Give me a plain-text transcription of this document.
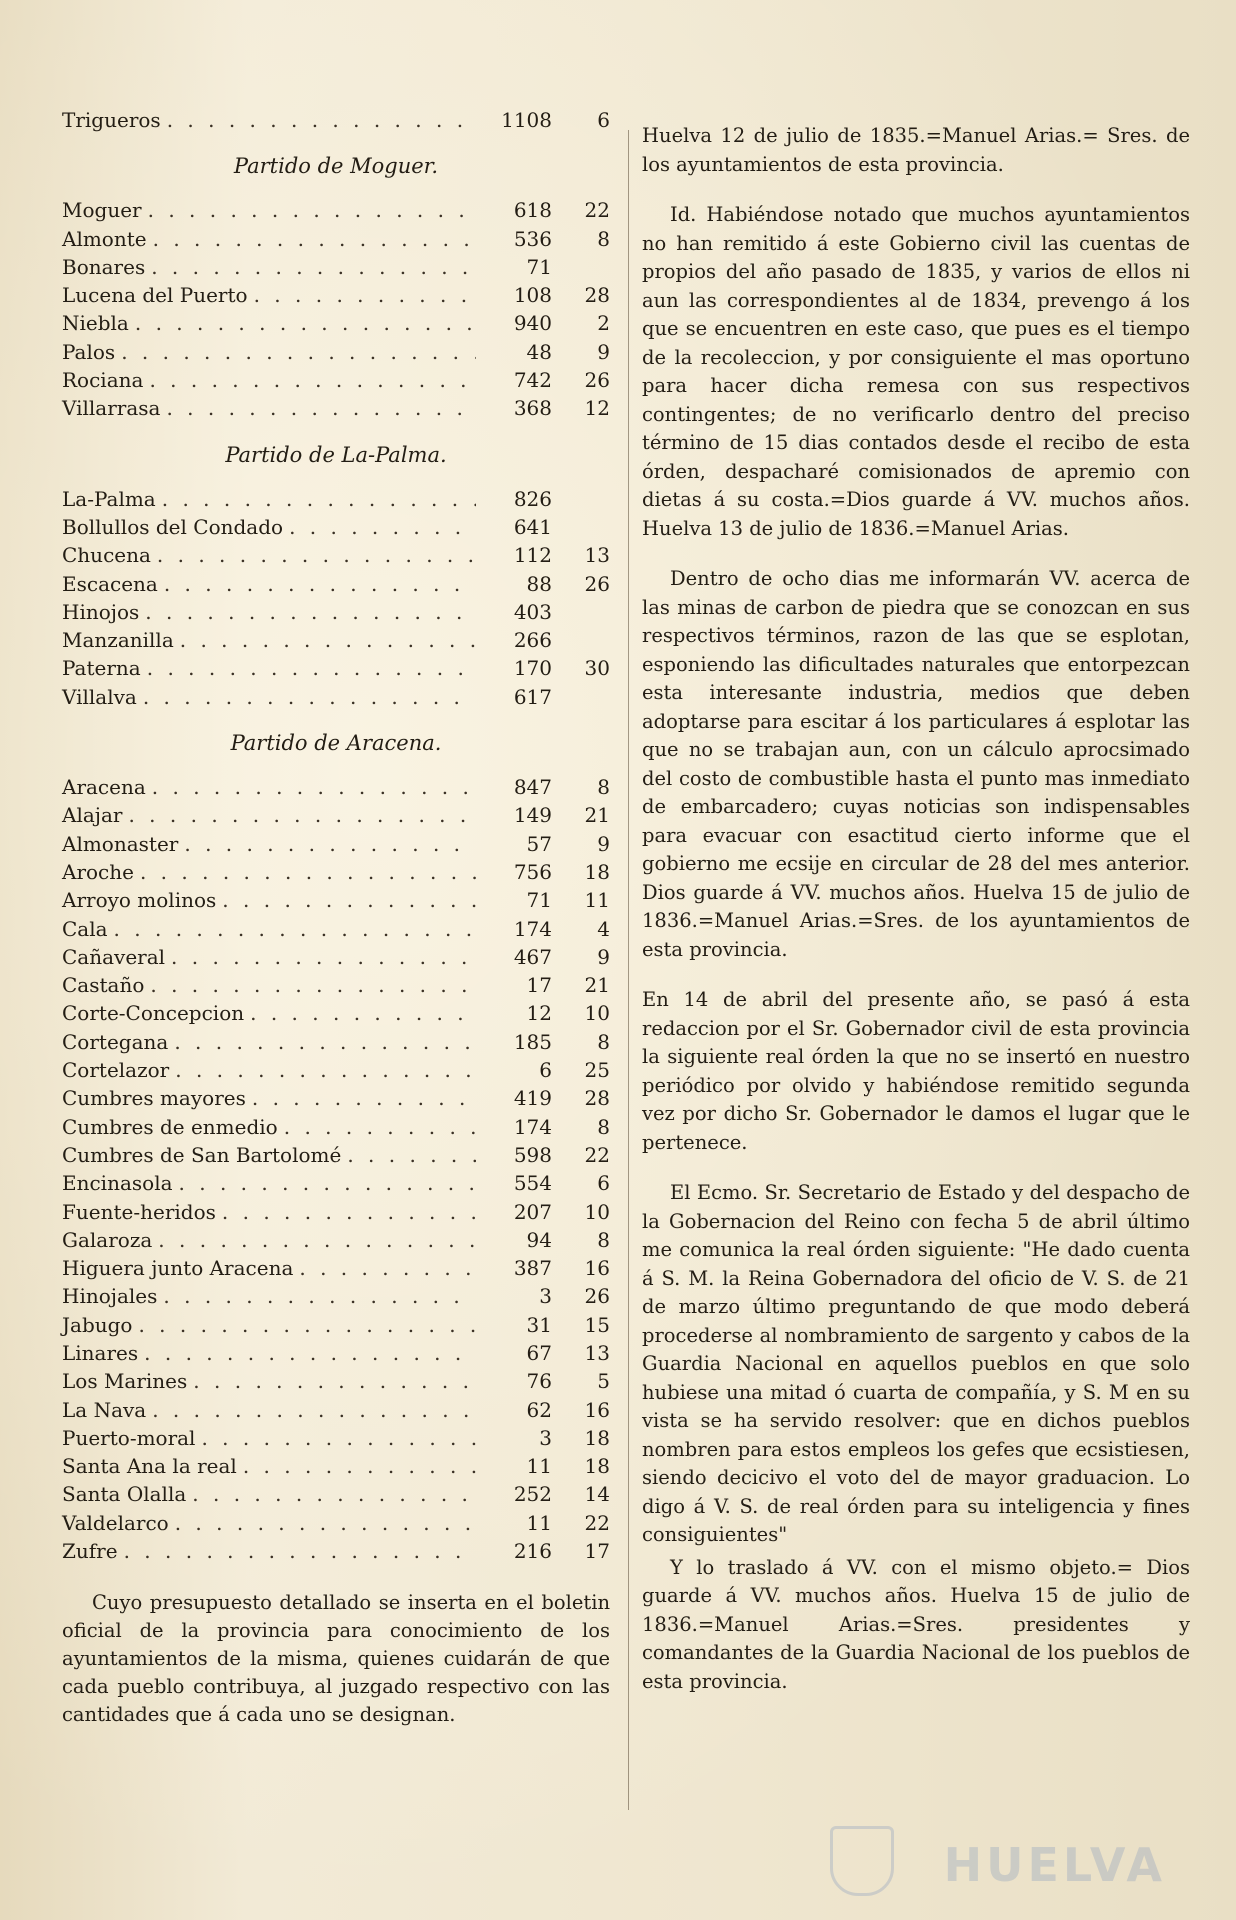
Trigueros . . .	1108	6
Partido de Moguer.
Moguer . . .	618	22
Almonte . . .	536	8
Bonares . . .	71
Lucena del Puerto . . .	108	28
Niebla . . .	940	2
Palos . . .	48	9
Rociana . . .	742	26
Villarrasa . . .	368	12
Partido de La-Palma.
La-Palma . . .	826
Bollullos del Condado . . .	641
Chucena . . .	112	13
Escacena . . .	88	26
Hinojos . . .	403
Manzanilla . . .	266
Paterna . . .	170	30
Villalva . . .	617
Partido de Aracena.
Aracena . . .	847	8
Alajar . . .	149	21
Almonaster . . .	57	9
Aroche . . .	756	18
Arroyo molinos . . .	71	11
Cala . . .	174	4
Cañaveral . . .	467	9
Castaño . . .	17	21
Corte-Concepcion . . .	12	10
Cortegana . . .	185	8
Cortelazor . . .	6	25
Cumbres mayores . . .	419	28
Cumbres de enmedio . . .	174	8
Cumbres de San Bartolomé . . .	598	22
Encinasola . . .	554	6
Fuente-heridos . . .	207	10
Galaroza . . .	94	8
Higuera junto Aracena . . .	387	16
Hinojales . . .	3	26
Jabugo . . .	31	15
Linares . . .	67	13
Los Marines . . .	76	5
La Nava . . .	62	16
Puerto-moral . . .	3	18
Santa Ana la real . . .	11	18
Santa Olalla . . .	252	14
Valdelarco . . .	11	22
Zufre . . .	216	17

Cuyo presupuesto detallado se inserta en el boletin oficial de la provincia para conocimiento de los ayuntamientos de la misma, quienes cuidarán de que cada pueblo contribuya, al juzgado respectivo con las cantidades que á cada uno se designan.

Huelva 12 de julio de 1835.=Manuel Arias.= Sres. de los ayuntamientos de esta provincia.

Id. Habiéndose notado que muchos ayuntamientos no han remitido á este Gobierno civil las cuentas de propios del año pasado de 1835, y varios de ellos ni aun las correspondientes al de 1834, prevengo á los que se encuentren en este caso, que pues es el tiempo de la recoleccion, y por consiguiente el mas oportuno para hacer dicha remesa con sus respectivos contingentes; de no verificarlo dentro del preciso término de 15 dias contados desde el recibo de esta órden, despacharé comisionados de apremio con dietas á su costa.=Dios guarde á VV. muchos años. Huelva 13 de julio de 1836.=Manuel Arias.

Dentro de ocho dias me informarán VV. acerca de las minas de carbon de piedra que se conozcan en sus respectivos términos, razon de las que se esplotan, esponiendo las dificultades naturales que entorpezcan esta interesante industria, medios que deben adoptarse para escitar á los particulares á esplotar las que no se trabajan aun, con un cálculo aprocsimado del costo de combustible hasta el punto mas inmediato de embarcadero; cuyas noticias son indispensables para evacuar con esactitud cierto informe que el gobierno me ecsije en circular de 28 del mes anterior. Dios guarde á VV. muchos años. Huelva 15 de julio de 1836.=Manuel Arias.=Sres. de los ayuntamientos de esta provincia.

En 14 de abril del presente año, se pasó á esta redaccion por el Sr. Gobernador civil de esta provincia la siguiente real órden la que no se insertó en nuestro periódico por olvido y habiéndose remitido segunda vez por dicho Sr. Gobernador le damos el lugar que le pertenece.

El Ecmo. Sr. Secretario de Estado y del despacho de la Gobernacion del Reino con fecha 5 de abril último me comunica la real órden siguiente: "He dado cuenta á S. M. la Reina Gobernadora del oficio de V. S. de 21 de marzo último preguntando de que modo deberá procederse al nombramiento de sargento y cabos de la Guardia Nacional en aquellos pueblos en que solo hubiese una mitad ó cuarta de compañía, y S. M en su vista se ha servido resolver: que en dichos pueblos nombren para estos empleos los gefes que ecsistiesen, siendo decicivo el voto del de mayor graduacion. Lo digo á V. S. de real órden para su inteligencia y fines consiguientes"

Y lo traslado á VV. con el mismo objeto.= Dios guarde á VV. muchos años. Huelva 15 de julio de 1836.=Manuel Arias.=Sres. presidentes y comandantes de la Guardia Nacional de los pueblos de esta provincia.

HUELVA
